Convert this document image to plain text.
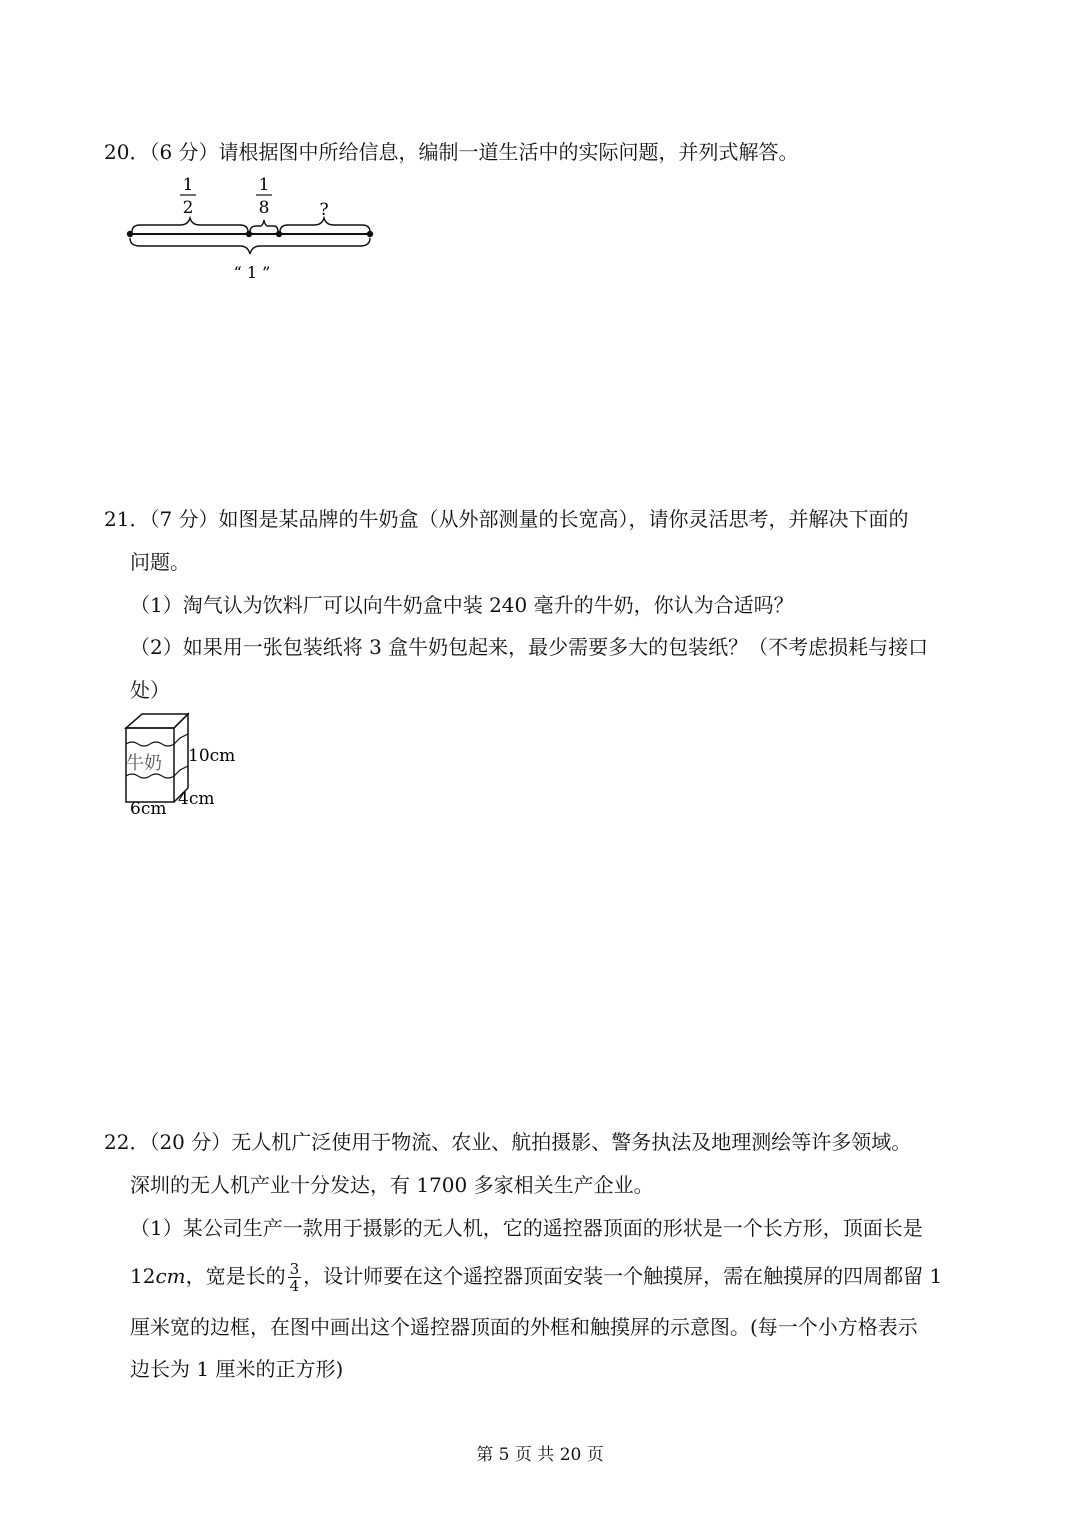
20．（6 分）请根据图中所给信息，编制一道生活中的实际问题，并列式解答。
1
2
1
8	?
“ 1 ”
21．（7 分）如图是某品牌的牛奶盒（从外部测量的长宽高），请你灵活思考，并解决下面的
问题。
（1）淘气认为饮料厂可以向牛奶盒中装 240 毫升的牛奶，你认为合适吗？
（2）如果用一张包装纸将 3 盒牛奶包起来，最少需要多大的包装纸？（不考虑损耗与接口
处）
牛奶 10cm
4cm
6cm
22．（20 分）无人机广泛使用于物流、农业、航拍摄影、警务执法及地理测绘等许多领域。
深圳的无人机产业十分发达，有 1700 多家相关生产企业。
（1）某公司生产一款用于摄影的无人机，它的遥控器顶面的形状是一个长方形，顶面长是
12cm，宽是长的 $\frac{3}{4}$ ，设计师要在这个遥控器顶面安装一个触摸屏，需在触摸屏的四周都留 1
厘米宽的边框，在图中画出这个遥控器顶面的外框和触摸屏的示意图。(每一个小方格表示
边长为 1 厘米的正方形)
第 5 页 共 20 页
